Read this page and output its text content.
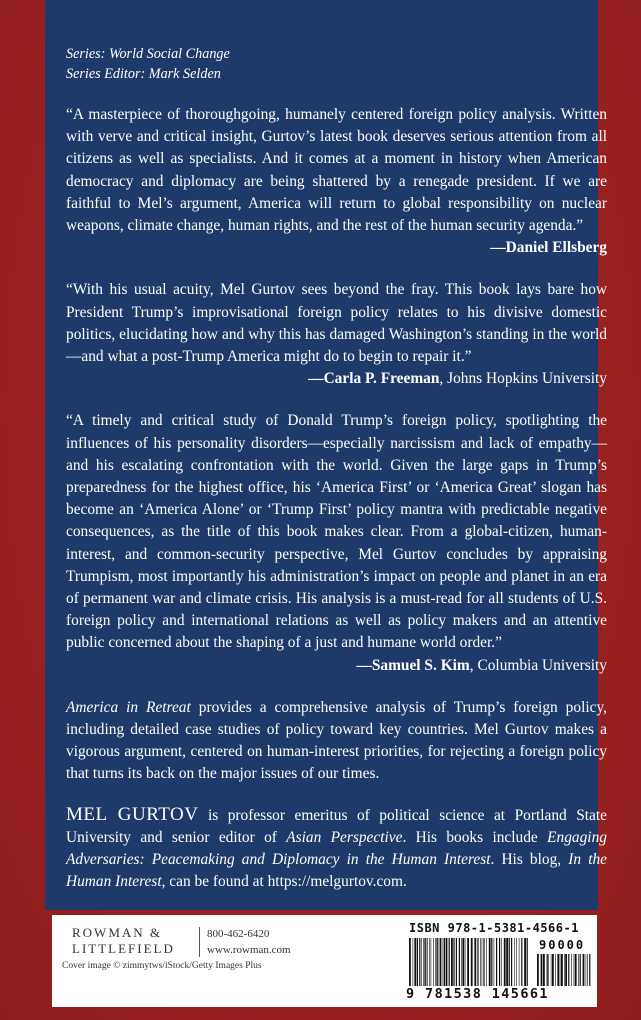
Series: World Social Change
Series Editor: Mark Selden
“A masterpiece of thoroughgoing, humanely centered foreign policy analysis. Written with verve and critical insight, Gurtov’s latest book deserves serious attention from all citizens as well as specialists. And it comes at a moment in history when American democracy and diplomacy are being shattered by a renegade president. If we are faithful to Mel’s argument, America will return to global responsibility on nuclear weapons, climate change, human rights, and the rest of the human security agenda.”
—Daniel Ellsberg
“With his usual acuity, Mel Gurtov sees beyond the fray. This book lays bare how President Trump’s improvisational foreign policy relates to his divisive domestic politics, elucidating how and why this has damaged Washington’s standing in the world—and what a post-Trump America might do to begin to repair it.”
—Carla P. Freeman, Johns Hopkins University
“A timely and critical study of Donald Trump’s foreign policy, spotlighting the influences of his personality disorders—especially narcissism and lack of empathy—and his escalating confrontation with the world. Given the large gaps in Trump’s preparedness for the highest office, his ‘America First’ or ‘America Great’ slogan has become an ‘America Alone’ or ‘Trump First’ policy mantra with predictable negative consequences, as the title of this book makes clear. From a global-citizen, human-interest, and common-security perspective, Mel Gurtov concludes by appraising Trumpism, most importantly his administration’s impact on people and planet in an era of permanent war and climate crisis. His analysis is a must-read for all students of U.S. foreign policy and international relations as well as policy makers and an attentive public concerned about the shaping of a just and humane world order.”
—Samuel S. Kim, Columbia University
America in Retreat provides a comprehensive analysis of Trump’s foreign policy, including detailed case studies of policy toward key countries. Mel Gurtov makes a vigorous argument, centered on human-interest priorities, for rejecting a foreign policy that turns its back on the major issues of our times.
MEL GURTOV is professor emeritus of political science at Portland State University and senior editor of Asian Perspective. His books include Engaging Adversaries: Peacemaking and Diplomacy in the Human Interest. His blog, In the Human Interest, can be found at https://melgurtov.com.
ROWMAN &
LITTLEFIELD
800-462-6420
www.rowman.com
Cover image © zimmytws/iStock/Getty Images Plus
ISBN 978-1-5381-4566-1
90000
9 781538 145661
